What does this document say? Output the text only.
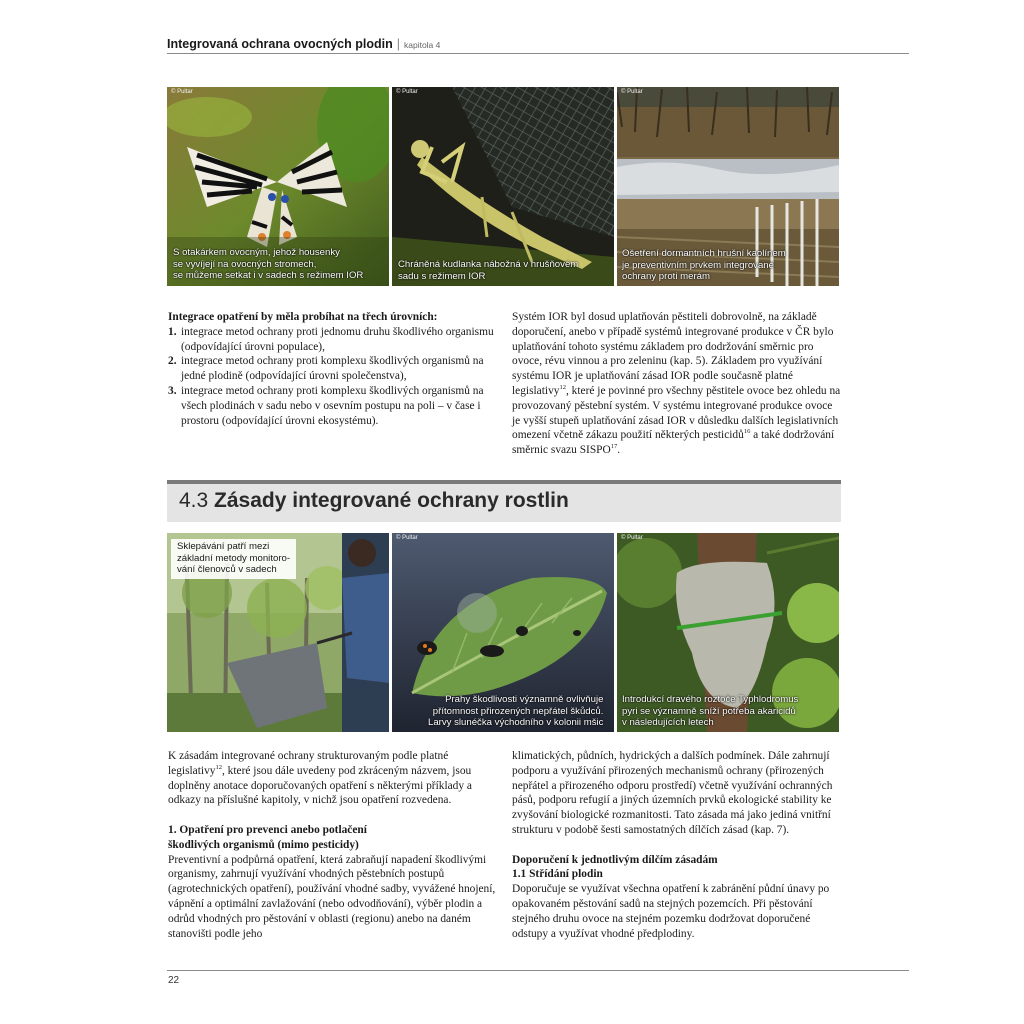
Integrovaná ochrana ovocných plodin | kapitola 4
© Pultar
S otakárkem ovocným, jehož housenky
se vyvíjejí na ovocných stromech,
se můžeme setkat i v sadech s režimem IOR
© Pultar
Chráněná kudlanka nábožná v hrušňovém
sadu s režimem IOR
© Pultar
Ošetření dormantních hrušní kaolínem
je preventivním prvkem integrované
ochrany proti merám

Integrace opatření by měla probíhat na třech úrovních:

1. integrace metod ochrany proti jednomu druhu škodlivého organismu (odpovídající úrovni populace),
2. integrace metod ochrany proti komplexu škodlivých organismů na jedné plodině (odpovídající úrovni společenstva),
3. integrace metod ochrany proti komplexu škodlivých organismů na všech plodinách v sadu nebo v osevním postupu na poli – v čase i prostoru (odpovídající úrovni ekosystému).

Systém IOR byl dosud uplatňován pěstiteli dobrovolně, na základě doporučení, anebo v případě systémů integrované produkce v ČR bylo uplatňování tohoto systému základem pro dodržování směrnic pro ovoce, révu vinnou a pro zeleninu (kap. 5). Základem pro využívání systému IOR je uplatňování zásad IOR podle současně platné legislativy$^{12}$, které je povinné pro všechny pěstitele ovoce bez ohledu na provozovaný pěstební systém. V systému integrované produkce ovoce je vyšší stupeň uplatňování zásad IOR v důsledku dalších legislativních omezení včetně zákazu použití některých pesticidů$^{16}$ a také dodržování směrnic svazu SISPO$^{17}$.

4.3 Zásady integrované ochrany rostlin
Sklepávání patří mezi
základní metody monitoro-
vání členovců v sadech
© Pultar
Prahy škodlivosti významně ovlivňuje
přítomnost přirozených nepřátel škůdců.
Larvy slunéčka východního v kolonii mšic
© Pultar
Introdukcí dravého roztoče Typhlodromus
pyri se významně sníží potřeba akaricidů
v následujících letech

K zásadám integrované ochrany strukturovaným podle platné legislativy$^{12}$, které jsou dále uvedeny pod zkráceným názvem, jsou doplněny anotace doporučovaných opatření s některými příklady a odkazy na příslušné kapitoly, v nichž jsou opatření rozvedena.

1. Opatření pro prevenci anebo potlačení

škodlivých organismů (mimo pesticidy)

Preventivní a podpůrná opatření, která zabraňují napadení škodlivými organismy, zahrnují využívání vhodných pěstebních postupů (agrotechnických opatření), používání vhodné sadby, vyvážené hnojení, vápnění a optimální zavlažování (nebo odvodňování), výběr plodin a odrůd vhodných pro pěstování v oblasti (regionu) anebo na daném stanovišti podle jeho

klimatických, půdních, hydrických a dalších podmínek. Dále zahrnují podporu a využívání přirozených mechanismů ochrany (přirozených nepřátel a přirozeného odporu prostředí) včetně využívání ochranných pásů, podporu refugií a jiných územních prvků ekologické stability ke zvyšování biologické rozmanitosti. Tato zásada má jako jediná vnitřní strukturu v podobě šesti samostatných dílčích zásad (kap. 7).

Doporučení k jednotlivým dílčím zásadám

1.1 Střídání plodin

Doporučuje se využívat všechna opatření k zabránění půdní únavy po opakovaném pěstování sadů na stejných pozemcích. Při pěstování stejného druhu ovoce na stejném pozemku dodržovat doporučené odstupy a využívat vhodné předplodiny.

22
